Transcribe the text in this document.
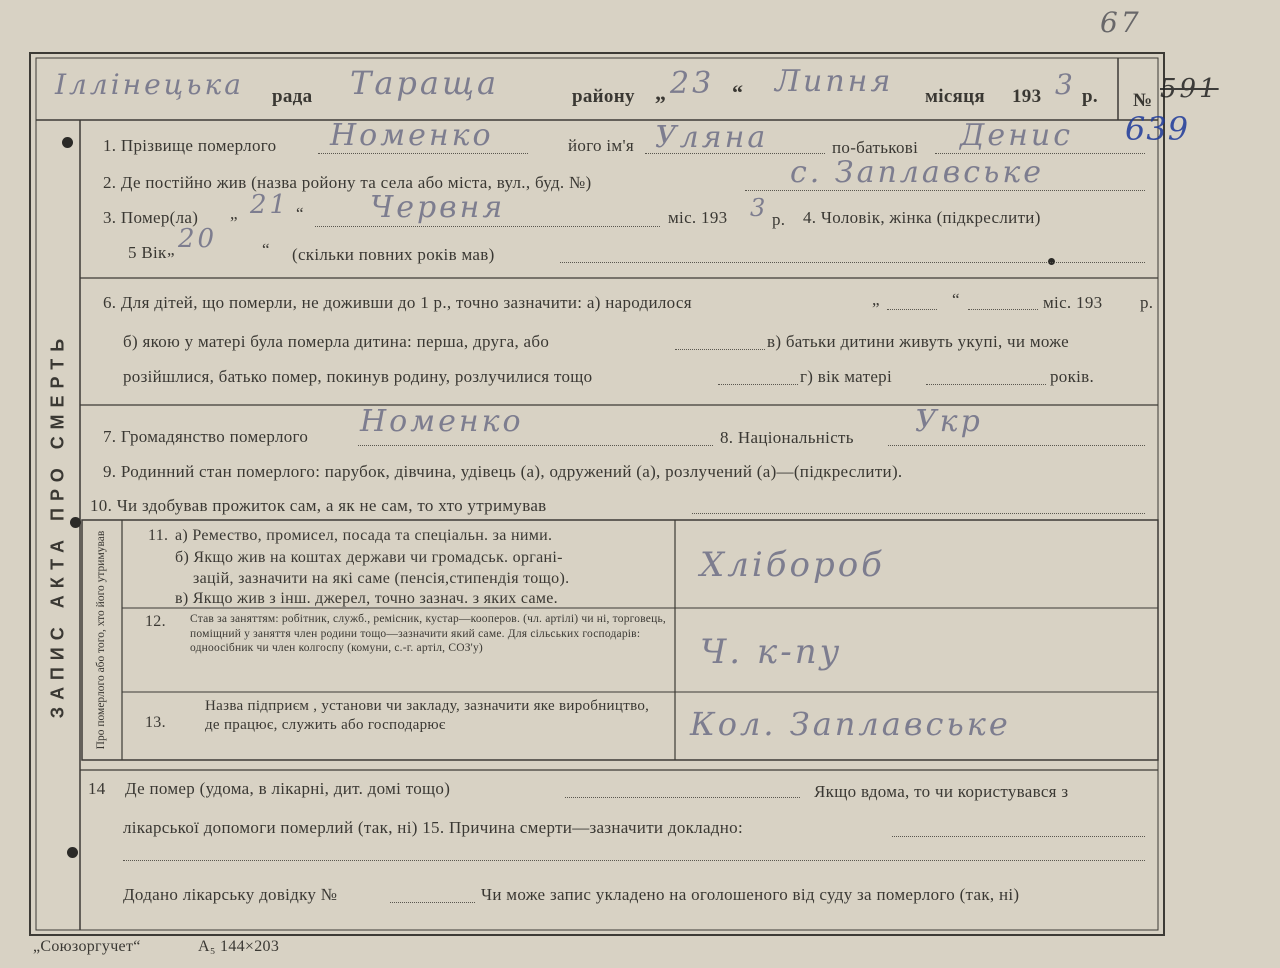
67
Іллінецька рада Тараща	району „ 23 “ Липня місяця 193 3 р. № 591
639
ЗАПИС АКТА ПРО СМЕРТЬ
1. Прізвище померлого Номенко	його ім'я Уляна	по-батькові Денис
2. Де постійно жив (назва ройону та села або міста, вул., буд. №)	с. Заплавське
3. Помер(ла) „ 21 “ Червня	міс. 193 3 р. 4. Чоловік, жінка (підкреслити)
5 Вік „ 20	“ (скільки повних років мав)
6. Для дітей, що померли, не доживши до 1 р., точно зазначити: а) народилося	„	“	міс. 193 р.
б) якою у матері була померла дитина: перша, друга, або	в) батьки дитини живуть укупі, чи може
розійшлися, батько помер, покинув родину, розлучилися тощо	г) вік матері	років.
7. Громадянство померлого Номенко	8. Національність Укр
9. Родинний стан померлого: парубок, дівчина, удівець (а), одружений (а), розлучений (а)—(підкреслити).
10. Чи здобував прожиток сам, а як не сам, то хто утримував
Про померлого або того, хто його утримував	11. а) Ремество, промисел, посада та спеціальн. за ними.
б) Якщо жив на коштах держави чи громадськ. органі-
зацій, зазначити на які саме (пенсія,стипендія тощо).
в) Якщо жив з інш. джерел, точно зазнач. з яких саме.
Хлібороб
12. Став за заняттям: робітник, служб., ремісник, кустар—кооперов. (чл. артілі) чи ні, торговець, поміщний у заняття член родини тощо—зазначити який саме. Для сільських господарів: одноосібник чи член колгоспу (комуни, с.-г. артіл, СОЗ'у)	Ч. к-пу
13.
Назва підприєм , установи чи закладу, зазначити яке виробництво, де працює, служить або господарює	Кол. Заплавське
14 Де помер (удома, в лікарні, дит. домі тощо)	Якщо вдома, то чи користувався з
лікарської допомоги померлий (так, ні) 15. Причина смерти—зазначити докладно:
Додано лікарську довідку №	Чи може запис укладено на оголошеного від суду за померлого (так, ні)
„Союзоргучет“	А₅ 144×203
